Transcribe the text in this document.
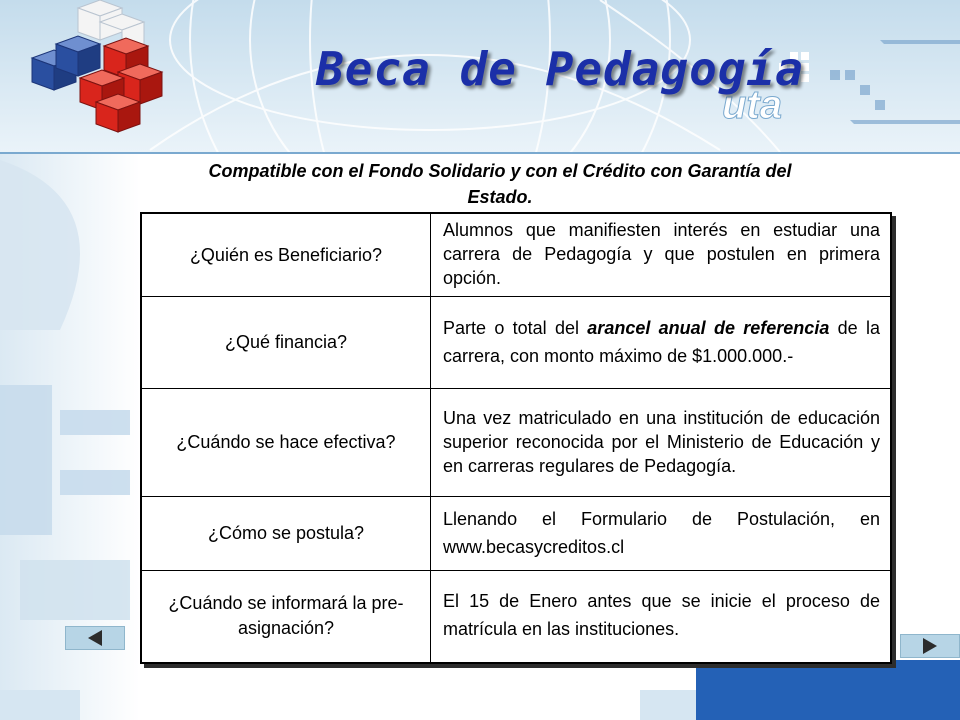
uta
Beca de Pedagogía
Compatible con el Fondo Solidario y con el Crédito con Garantía del
Estado.
¿Quién es Beneficiario?	Alumnos que manifiesten interés en estudiar una carrera de Pedagogía y que postulen en primera opción.
¿Qué financia?	Parte o total del arancel anual de referencia de la carrera, con monto máximo de $1.000.000.-
¿Cuándo se hace efectiva?	Una vez matriculado en una institución de educación superior reconocida por el Ministerio de Educación y en carreras regulares de Pedagogía.
¿Cómo se postula?	Llenando el Formulario de Postulación, en www.becasycreditos.cl
¿Cuándo se informará la pre-asignación?	El 15 de Enero antes que se inicie el proceso de matrícula en las instituciones.
